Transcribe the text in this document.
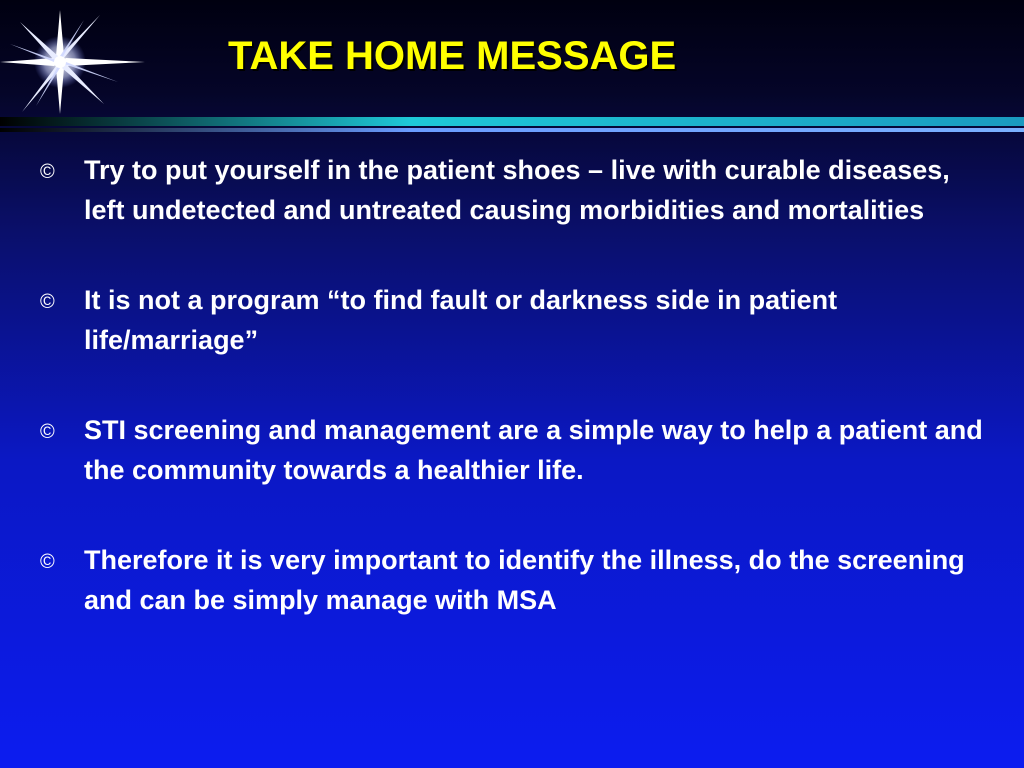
TAKE HOME MESSAGE
©	Try to put yourself in the patient shoes – live with curable diseases, left undetected and untreated causing morbidities and mortalities
©	It is not a program “to find fault or darkness side in patient life/marriage”
©	STI screening and management are a simple way to help a patient and the community towards a healthier life.
©	Therefore it is very important to identify the illness, do the screening and can be simply manage with MSA
